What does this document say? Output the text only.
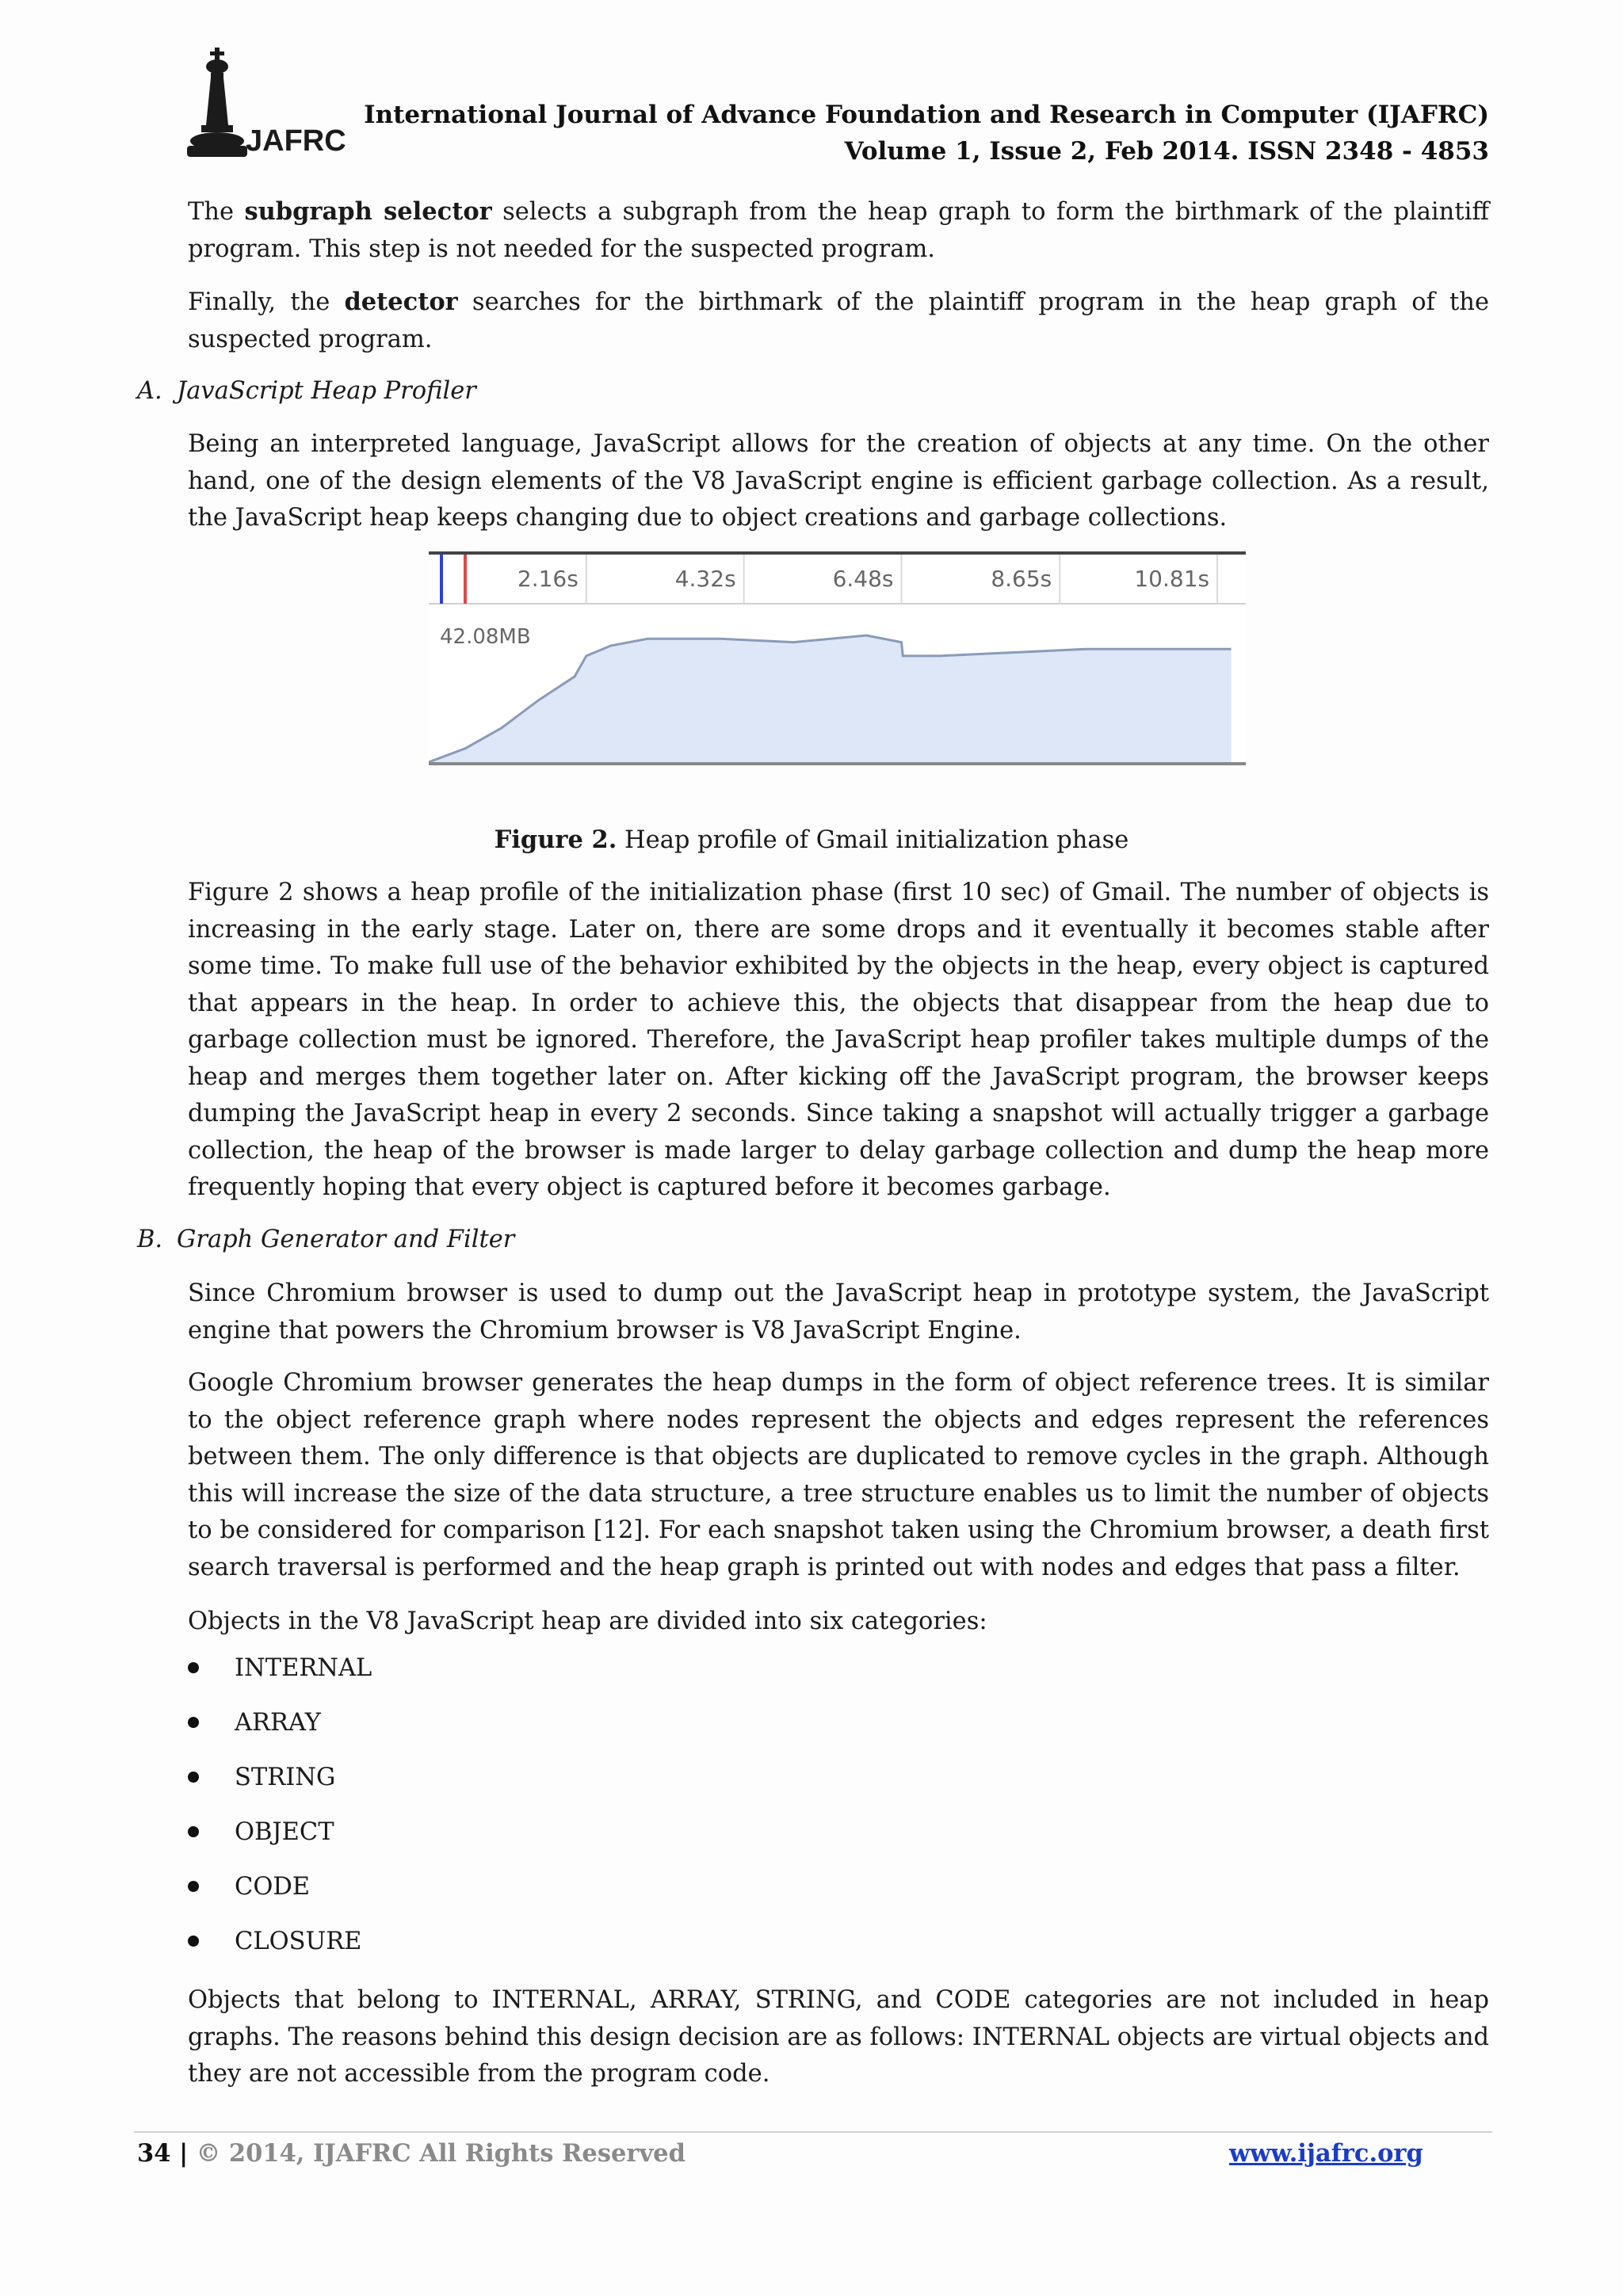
JAFRC
International Journal of Advance Foundation and Research in Computer (IJAFRC)
Volume 1, Issue 2, Feb 2014. ISSN 2348 - 4853

The subgraph selector selects a subgraph from the heap graph to form the birthmark of the plaintiff program. This step is not needed for the suspected program.

Finally, the detector searches for the birthmark of the plaintiff program in the heap graph of the suspected program.

A. JavaScript Heap Profiler

Being an interpreted language, JavaScript allows for the creation of objects at any time. On the other hand, one of the design elements of the V8 JavaScript engine is efficient garbage collection. As a result, the JavaScript heap keeps changing due to object creations and garbage collections.

2.16s	4.32s	6.48s	8.65s	10.81s
42.08MB
Figure 2. Heap profile of Gmail initialization phase

Figure 2 shows a heap profile of the initialization phase (first 10 sec) of Gmail. The number of objects is increasing in the early stage. Later on, there are some drops and it eventually it becomes stable after some time. To make full use of the behavior exhibited by the objects in the heap, every object is captured that appears in the heap. In order to achieve this, the objects that disappear from the heap due to garbage collection must be ignored. Therefore, the JavaScript heap profiler takes multiple dumps of the heap and merges them together later on. After kicking off the JavaScript program, the browser keeps dumping the JavaScript heap in every 2 seconds. Since taking a snapshot will actually trigger a garbage collection, the heap of the browser is made larger to delay garbage collection and dump the heap more frequently hoping that every object is captured before it becomes garbage.

B. Graph Generator and Filter

Since Chromium browser is used to dump out the JavaScript heap in prototype system, the JavaScript engine that powers the Chromium browser is V8 JavaScript Engine.

Google Chromium browser generates the heap dumps in the form of object reference trees. It is similar to the object reference graph where nodes represent the objects and edges represent the references between them. The only difference is that objects are duplicated to remove cycles in the graph. Although this will increase the size of the data structure, a tree structure enables us to limit the number of objects to be considered for comparison [12]. For each snapshot taken using the Chromium browser, a death first search traversal is performed and the heap graph is printed out with nodes and edges that pass a filter.

Objects in the V8 JavaScript heap are divided into six categories:

INTERNAL
ARRAY
STRING
OBJECT
CODE
CLOSURE

Objects that belong to INTERNAL, ARRAY, STRING, and CODE categories are not included in heap graphs. The reasons behind this design decision are as follows: INTERNAL objects are virtual objects and they are not accessible from the program code.

34 | © 2014, IJAFRC All Rights Reserved	www.ijafrc.org
